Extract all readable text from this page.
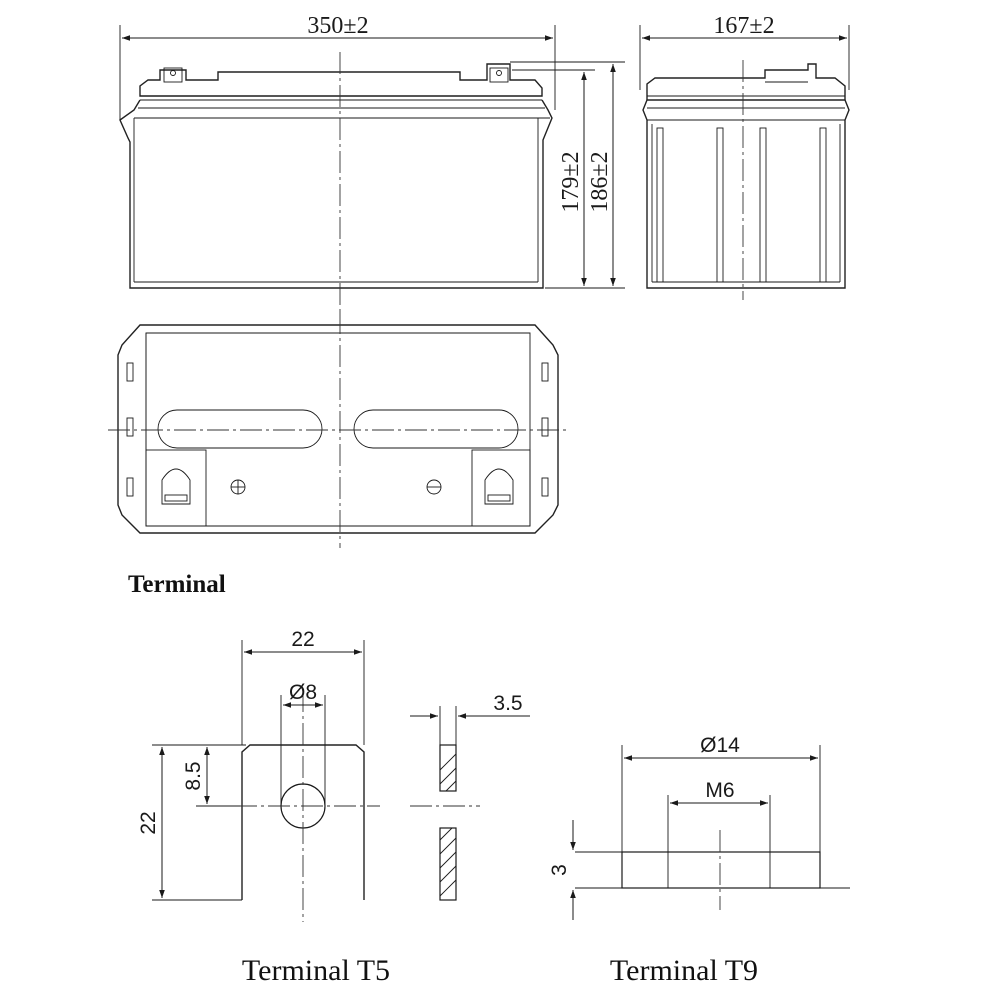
350±2
179±2 186±2
167±2
Terminal
22
Ø8
8.5
22
3.5
Terminal T5
Ø14
M6
3
Terminal T9
